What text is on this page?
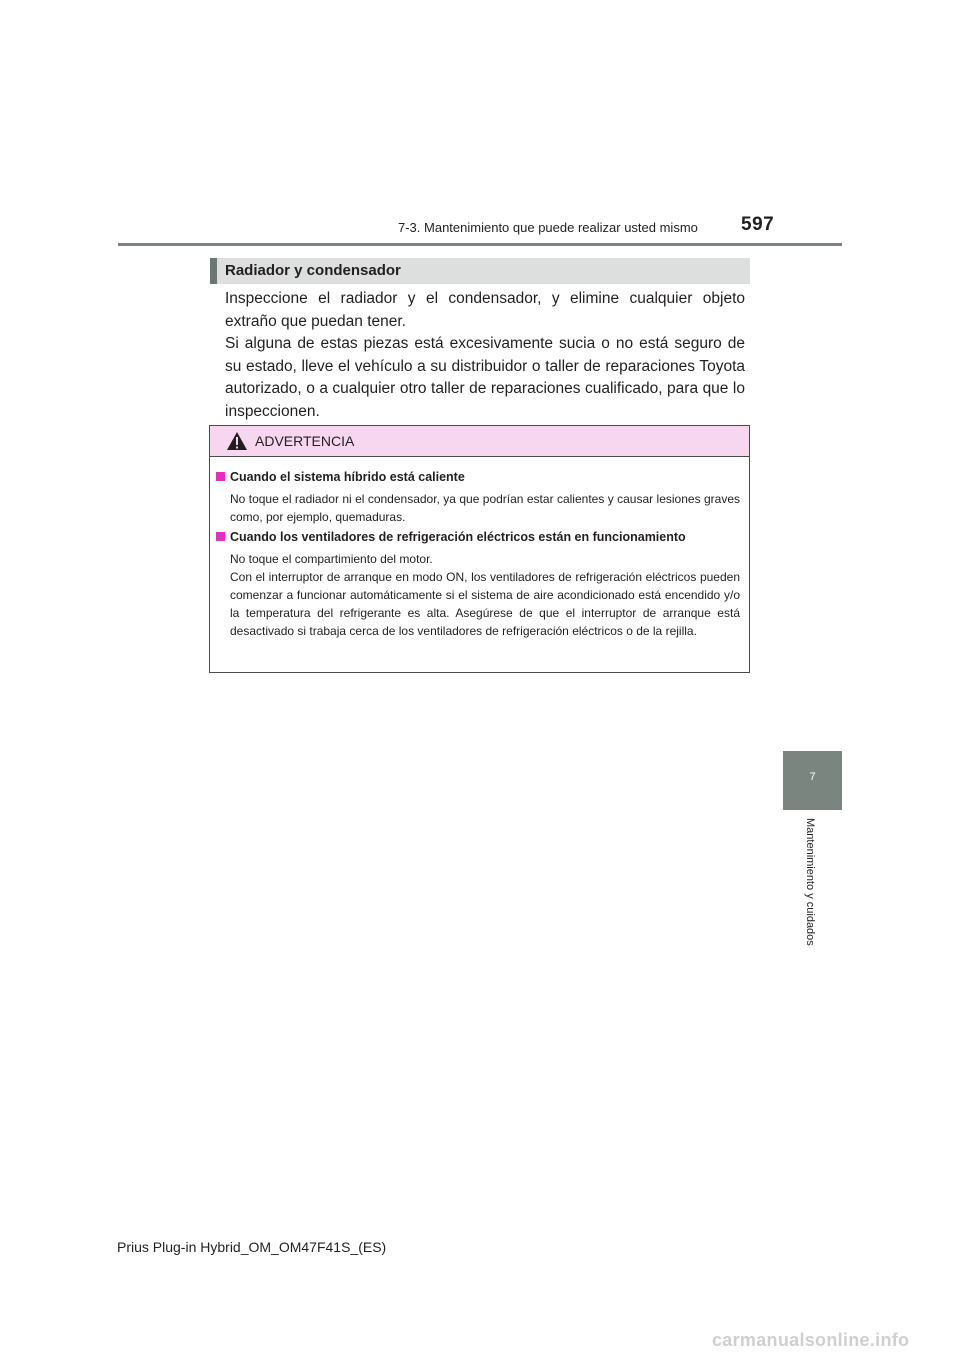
7-3. Mantenimiento que puede realizar usted mismo 597
Radiador y condensador

Inspeccione el radiador y el condensador, y elimine cualquier objeto extraño que puedan tener.

Si alguna de estas piezas está excesivamente sucia o no está seguro de su estado, lleve el vehículo a su distribuidor o taller de reparaciones Toyota autorizado, o a cualquier otro taller de reparaciones cualificado, para que lo inspeccionen.

ADVERTENCIA
Cuando el sistema híbrido está caliente
No toque el radiador ni el condensador, ya que podrían estar calientes y causar lesiones graves como, por ejemplo, quemaduras.
Cuando los ventiladores de refrigeración eléctricos están en funcionamiento
No toque el compartimiento del motor.
Con el interruptor de arranque en modo ON, los ventiladores de refrigeración eléctricos pueden comenzar a funcionar automáticamente si el sistema de aire acondicionado está encendido y/o la temperatura del refrigerante es alta. Asegúrese de que el interruptor de arranque está desactivado si trabaja cerca de los ventiladores de refrigeración eléctricos o de la rejilla.
7
Mantenimiento y cuidados
Prius Plug-in Hybrid_OM_OM47F41S_(ES)
carmanualsonline.info
